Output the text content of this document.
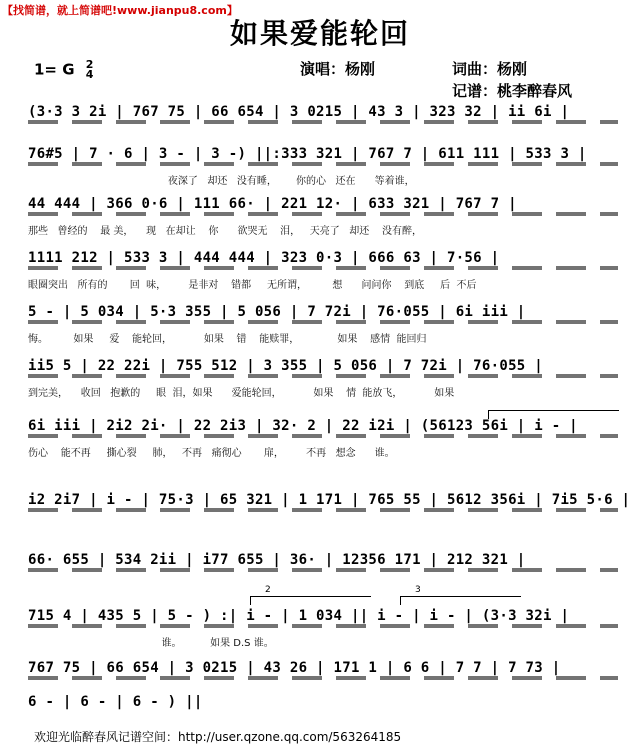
【找简谱，就上简谱吧!www.jianpu8.com】
如果爱能轮回
1= G 2
4	演唱：杨刚	词曲：杨刚
记谱：桃李醉春风
(3·3 3 2i | 767 75 | 66 654 | 3 0215 | 43 3 | 323 32 | ii 6i |
76#5 | 7 · 6 | 3 - | 3 -) ||:333 321 | 767 7 | 611 111 | 533 3 |
夜深了   却还   没有睡，      你的心   还在      等着谁，
44 444 | 366 0·6 | 111 66· | 221 12· | 633 321 | 767 7 |
那些   曾经的    最 美，    现   在却让    你      欲哭无    泪，   天亮了   却还    没有醉，
1111 212 | 533 3 | 444 444 | 323 0·3 | 666 63 | 7·56 |
眼圈突出   所有的       回  味，       是非对    错都     无所谓，        想      问问你    到底     后  不后
5 - | 5 034 | 5·3 355 | 5 056 | 7 72i | 76·055 | 6i iii |
悔。        如果     爱    能轮回，          如果    错    能赎罪，            如果    感情  能回归
ii5 5 | 22 22i | 755 512 | 3 355 | 5 056 | 7 72i | 76·055 |
到完美，    收回   抱歉的     眼  泪，如果      爱能轮回，          如果    情  能放飞，          如果
6i iii | 2i2 2i· | 22 2i3 | 32· 2 | 22 i2i | (56123 56i | i - |
伤心    能不再     撕心裂     肺，   不再   痛彻心       扉，       不再   想念      谁。
i2 2i7 | i - | 75·3 | 65 321 | 1 171 | 765 55 | 5612 356i | 7i5 5·6 |
66· 655 | 534 2ii | i77 655 | 36· | 12356 171 | 212 321 |
2	3
715 4 | 435 5 | 5 - ) :| i - | 1 034 || i - | i - | (3·3 32i |
谁。         如果 D.S 谁。
767 75 | 66 654 | 3 0215 | 43 26 | 171 1 | 6 6 | 7 7 | 7 73 |
6 - | 6 - | 6 - ) ||
欢迎光临醉春风记谱空间：http://user.qzone.qq.com/563264185
